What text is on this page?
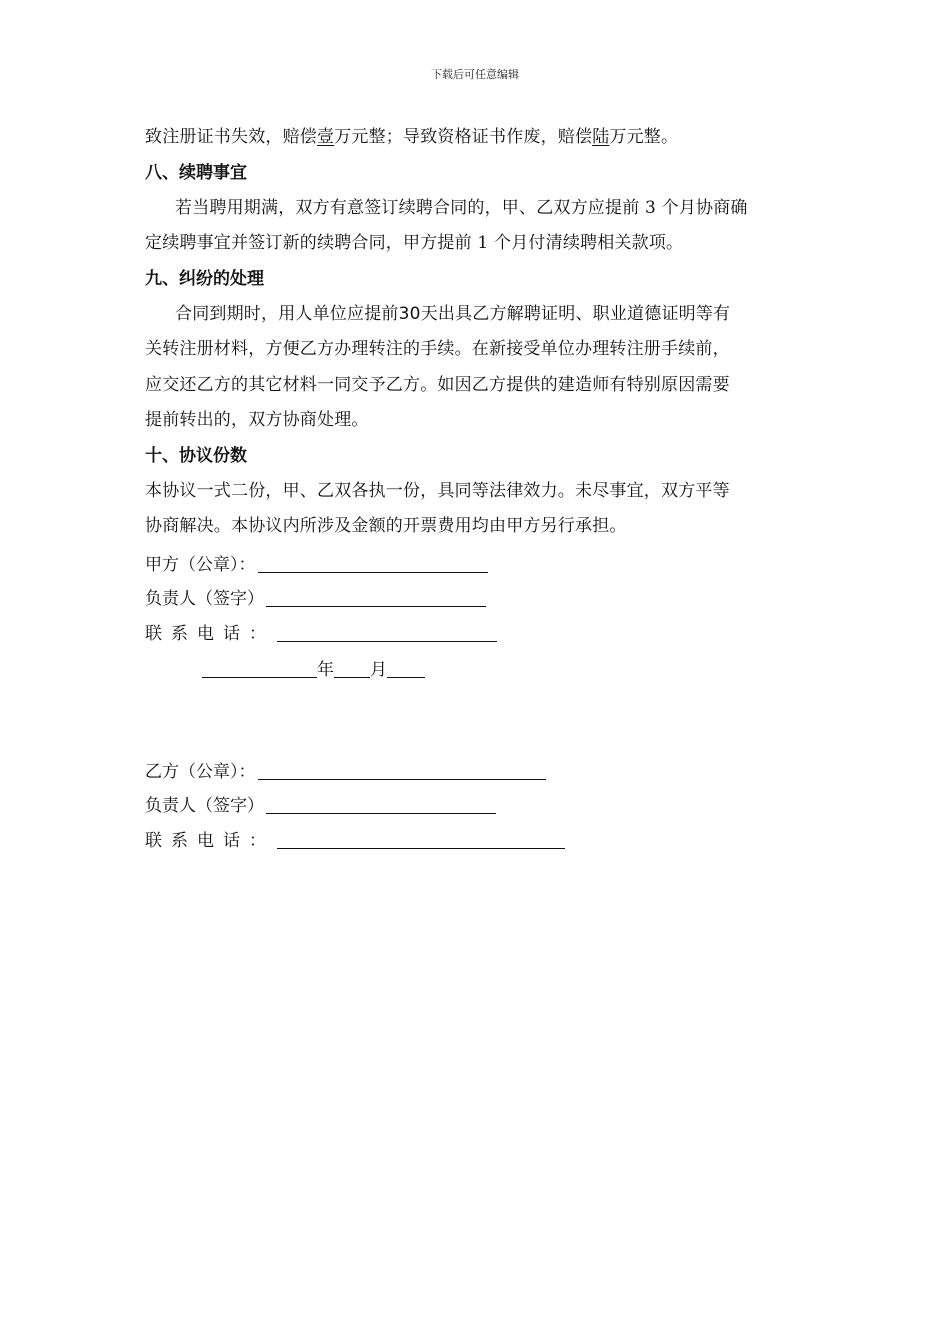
下载后可任意编辑

致注册证书失效，赔偿壹万元整；导致资格证书作废，赔偿陆万元整。

八、续聘事宜

若当聘用期满，双方有意签订续聘合同的，甲、乙双方应提前 3 个月协商确

定续聘事宜并签订新的续聘合同，甲方提前 1 个月付清续聘相关款项。

九、纠纷的处理

合同到期时，用人单位应提前30天出具乙方解聘证明、职业道德证明等有

关转注册材料，方便乙方办理转注的手续。在新接受单位办理转注册手续前，

应交还乙方的其它材料一同交予乙方。如因乙方提供的建造师有特别原因需要

提前转出的，双方协商处理。

十、协议份数

本协议一式二份，甲、乙双各执一份，具同等法律效力。未尽事宜，双方平等

协商解决。本协议内所涉及金额的开票费用均由甲方另行承担。

甲方（公章）：
负责人（签字）
联系电话：
年 月
乙方（公章）：
负责人（签字）
联系电话：
